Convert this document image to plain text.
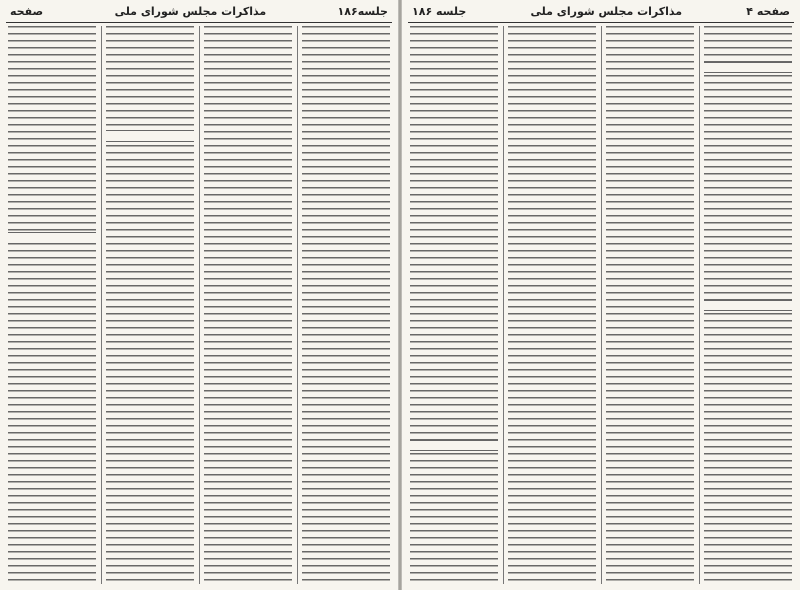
جلسه۱۸۶
مذاکرات مجلس شورای ملی
صفحه	صفحه ۴
مذاکرات مجلس شورای ملی
جلسه ۱۸۶
